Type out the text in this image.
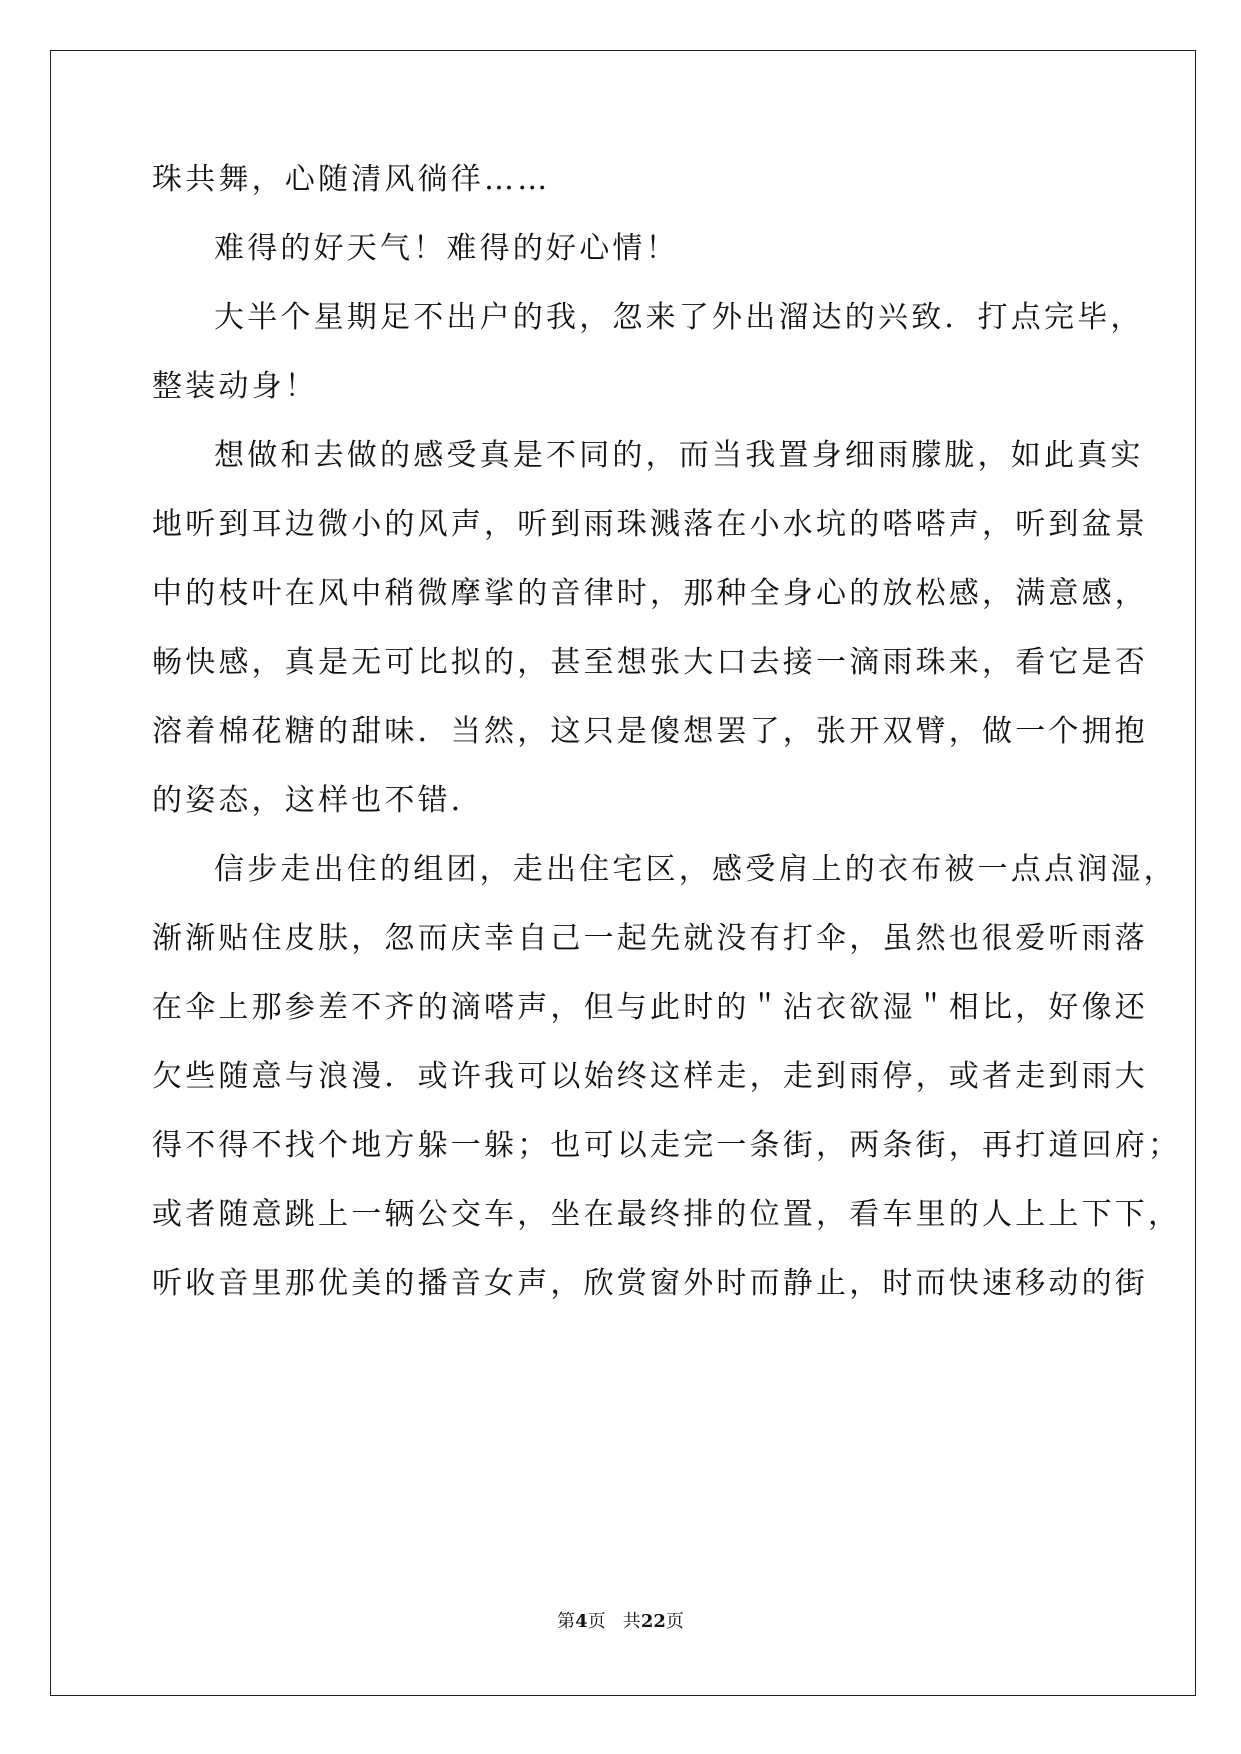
珠共舞，心随清风徜徉……
难得的好天气！难得的好心情！
大半个星期足不出户的我，忽来了外出溜达的兴致．打点完毕，
整装动身！
想做和去做的感受真是不同的，而当我置身细雨朦胧，如此真实
地听到耳边微小的风声，听到雨珠溅落在小水坑的嗒嗒声，听到盆景
中的枝叶在风中稍微摩挲的音律时，那种全身心的放松感，满意感，
畅快感，真是无可比拟的，甚至想张大口去接一滴雨珠来，看它是否
溶着棉花糖的甜味．当然，这只是傻想罢了，张开双臂，做一个拥抱
的姿态，这样也不错．
信步走出住的组团，走出住宅区，感受肩上的衣布被一点点润湿，
渐渐贴住皮肤，忽而庆幸自己一起先就没有打伞，虽然也很爱听雨落
在伞上那参差不齐的滴嗒声，但与此时的＂沾衣欲湿＂相比，好像还
欠些随意与浪漫．或许我可以始终这样走，走到雨停，或者走到雨大
得不得不找个地方躲一躲；也可以走完一条街，两条街，再打道回府；
或者随意跳上一辆公交车，坐在最终排的位置，看车里的人上上下下，
听收音里那优美的播音女声，欣赏窗外时而静止，时而快速移动的街
第4页   共22页
